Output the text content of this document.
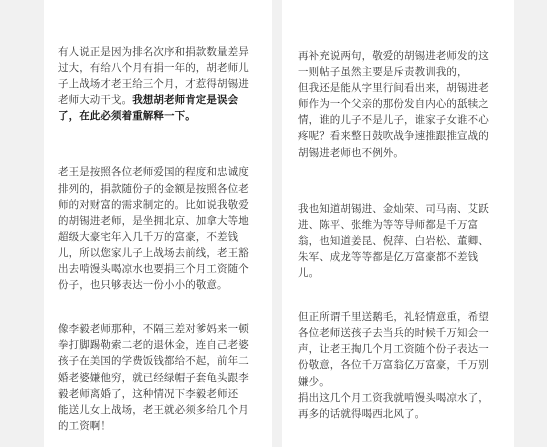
有人说正是因为排名次序和捐款数量差异
过大，有给八个月有捐一年的，胡老师儿
子上战场才老王给三个月，才惹得胡锡进
老师大动干戈。我想胡老师肯定是误会
了，在此必须着重解释一下。

老王是按照各位老师爱国的程度和忠诚度
排列的，捐款随份子的金额是按照各位老
师的对财富的需求制定的。比如说我敬爱
的胡锡进老师，是坐拥北京、加拿大等地
超级大豪宅年入几千万的富豪，不差钱
儿，所以您家儿子上战场去前线，老王豁
出去啃馒头喝凉水也要捐三个月工资随个
份子，也只够表达一份小小的敬意。

像李毅老师那种，不隔三差对爹妈来一顿
拳打脚踢勒索二老的退休金，连自己老婆
孩子在美国的学费饭钱都给不起，前年二
婚老婆嫌他穷，就已经绿帽子套龟头跟李
毅老师离婚了，这种情况下李毅老师还
能送儿女上战场，老王就必须多给几个月
的工资啊！

再补充说两句，敬爱的胡锡进老师发的这
一则帖子虽然主要是斥责教训我的，
但我还是能从字里行间看出来，胡锡进老
师作为一个父亲的那份发自内心的舐犊之
情，谁的儿子不是儿子，谁家子女谁不心
疼呢？看来整日鼓吹战争速推跟推宣战的
胡锡进老师也不例外。

我也知道胡锡进、金灿荣、司马南、艾跃
进、陈平、张维为等等导师都是千万富
翁，也知道姜昆、倪萍、白岩松、董卿、
朱军、成龙等等都是亿万富豪都不差钱
儿。

但正所谓千里送鹅毛，礼轻情意重，希望
各位老师送孩子去当兵的时候千万知会一
声，让老王掏几个月工资随个份子表达一
份敬意，各位千万富翁亿万富豪，千万别
嫌少。
捐出这几个月工资我就啃馒头喝凉水了，
再多的话就得喝西北风了。
